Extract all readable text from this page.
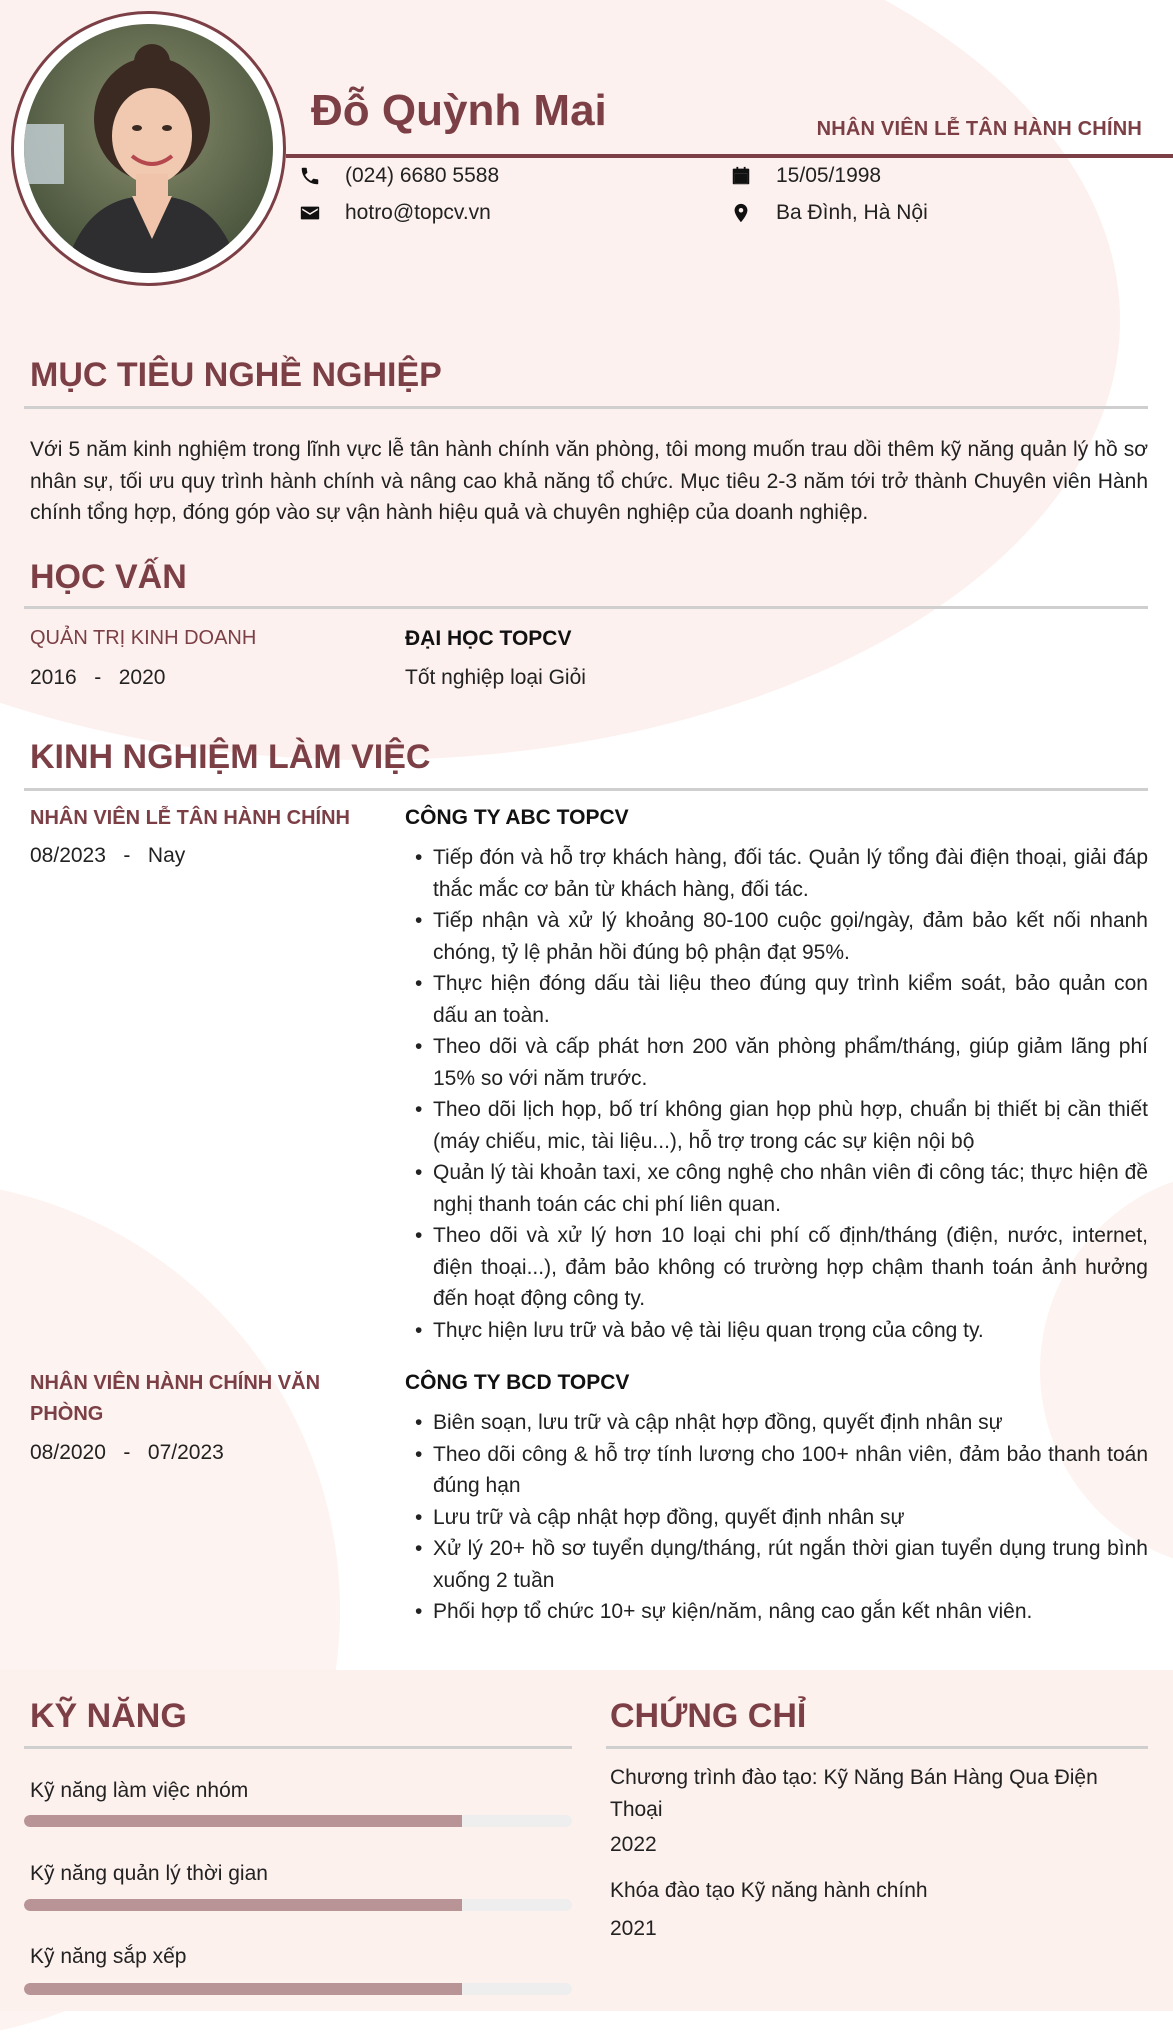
Đỗ Quỳnh Mai	NHÂN VIÊN LỄ TÂN HÀNH CHÍNH
(024) 6680 5588
hotro@topcv.vn
15/05/1998
Ba Đình, Hà Nội
MỤC TIÊU NGHỀ NGHIỆP
Với 5 năm kinh nghiệm trong lĩnh vực lễ tân hành chính văn phòng, tôi mong muốn trau dồi thêm kỹ năng quản lý hồ sơ nhân sự, tối ưu quy trình hành chính và nâng cao khả năng tổ chức. Mục tiêu 2-3 năm tới trở thành Chuyên viên Hành chính tổng hợp, đóng góp vào sự vận hành hiệu quả và chuyên nghiệp của doanh nghiệp.
HỌC VẤN
QUẢN TRỊ KINH DOANH
2016   -   2020
ĐẠI HỌC TOPCV
Tốt nghiệp loại Giỏi
KINH NGHIỆM LÀM VIỆC
NHÂN VIÊN LỄ TÂN HÀNH CHÍNH
08/2023   -   Nay
CÔNG TY ABC TOPCV
• Tiếp đón và hỗ trợ khách hàng, đối tác. Quản lý tổng đài điện thoại, giải đáp thắc mắc cơ bản từ khách hàng, đối tác.
• Tiếp nhận và xử lý khoảng 80-100 cuộc gọi/ngày, đảm bảo kết nối nhanh chóng, tỷ lệ phản hồi đúng bộ phận đạt 95%.
• Thực hiện đóng dấu tài liệu theo đúng quy trình kiểm soát, bảo quản con dấu an toàn.
• Theo dõi và cấp phát hơn 200 văn phòng phẩm/tháng, giúp giảm lãng phí 15% so với năm trước.
• Theo dõi lịch họp, bố trí không gian họp phù hợp, chuẩn bị thiết bị cần thiết (máy chiếu, mic, tài liệu...), hỗ trợ trong các sự kiện nội bộ
• Quản lý tài khoản taxi, xe công nghệ cho nhân viên đi công tác; thực hiện đề nghị thanh toán các chi phí liên quan.
• Theo dõi và xử lý hơn 10 loại chi phí cố định/tháng (điện, nước, internet, điện thoại...), đảm bảo không có trường hợp chậm thanh toán ảnh hưởng đến hoạt động công ty.
• Thực hiện lưu trữ và bảo vệ tài liệu quan trọng của công ty.
NHÂN VIÊN HÀNH CHÍNH VĂN PHÒNG
08/2020   -   07/2023
CÔNG TY BCD TOPCV
• Biên soạn, lưu trữ và cập nhật hợp đồng, quyết định nhân sự
• Theo dõi công & hỗ trợ tính lương cho 100+ nhân viên, đảm bảo thanh toán đúng hạn
• Lưu trữ và cập nhật hợp đồng, quyết định nhân sự
• Xử lý 20+ hồ sơ tuyển dụng/tháng, rút ngắn thời gian tuyển dụng trung bình xuống 2 tuần
• Phối hợp tổ chức 10+ sự kiện/năm, nâng cao gắn kết nhân viên.
KỸ NĂNG
Kỹ năng làm việc nhóm
Kỹ năng quản lý thời gian
Kỹ năng sắp xếp
CHỨNG CHỈ
Chương trình đào tạo: Kỹ Năng Bán Hàng Qua Điện Thoại
2022
Khóa đào tạo Kỹ năng hành chính
2021
